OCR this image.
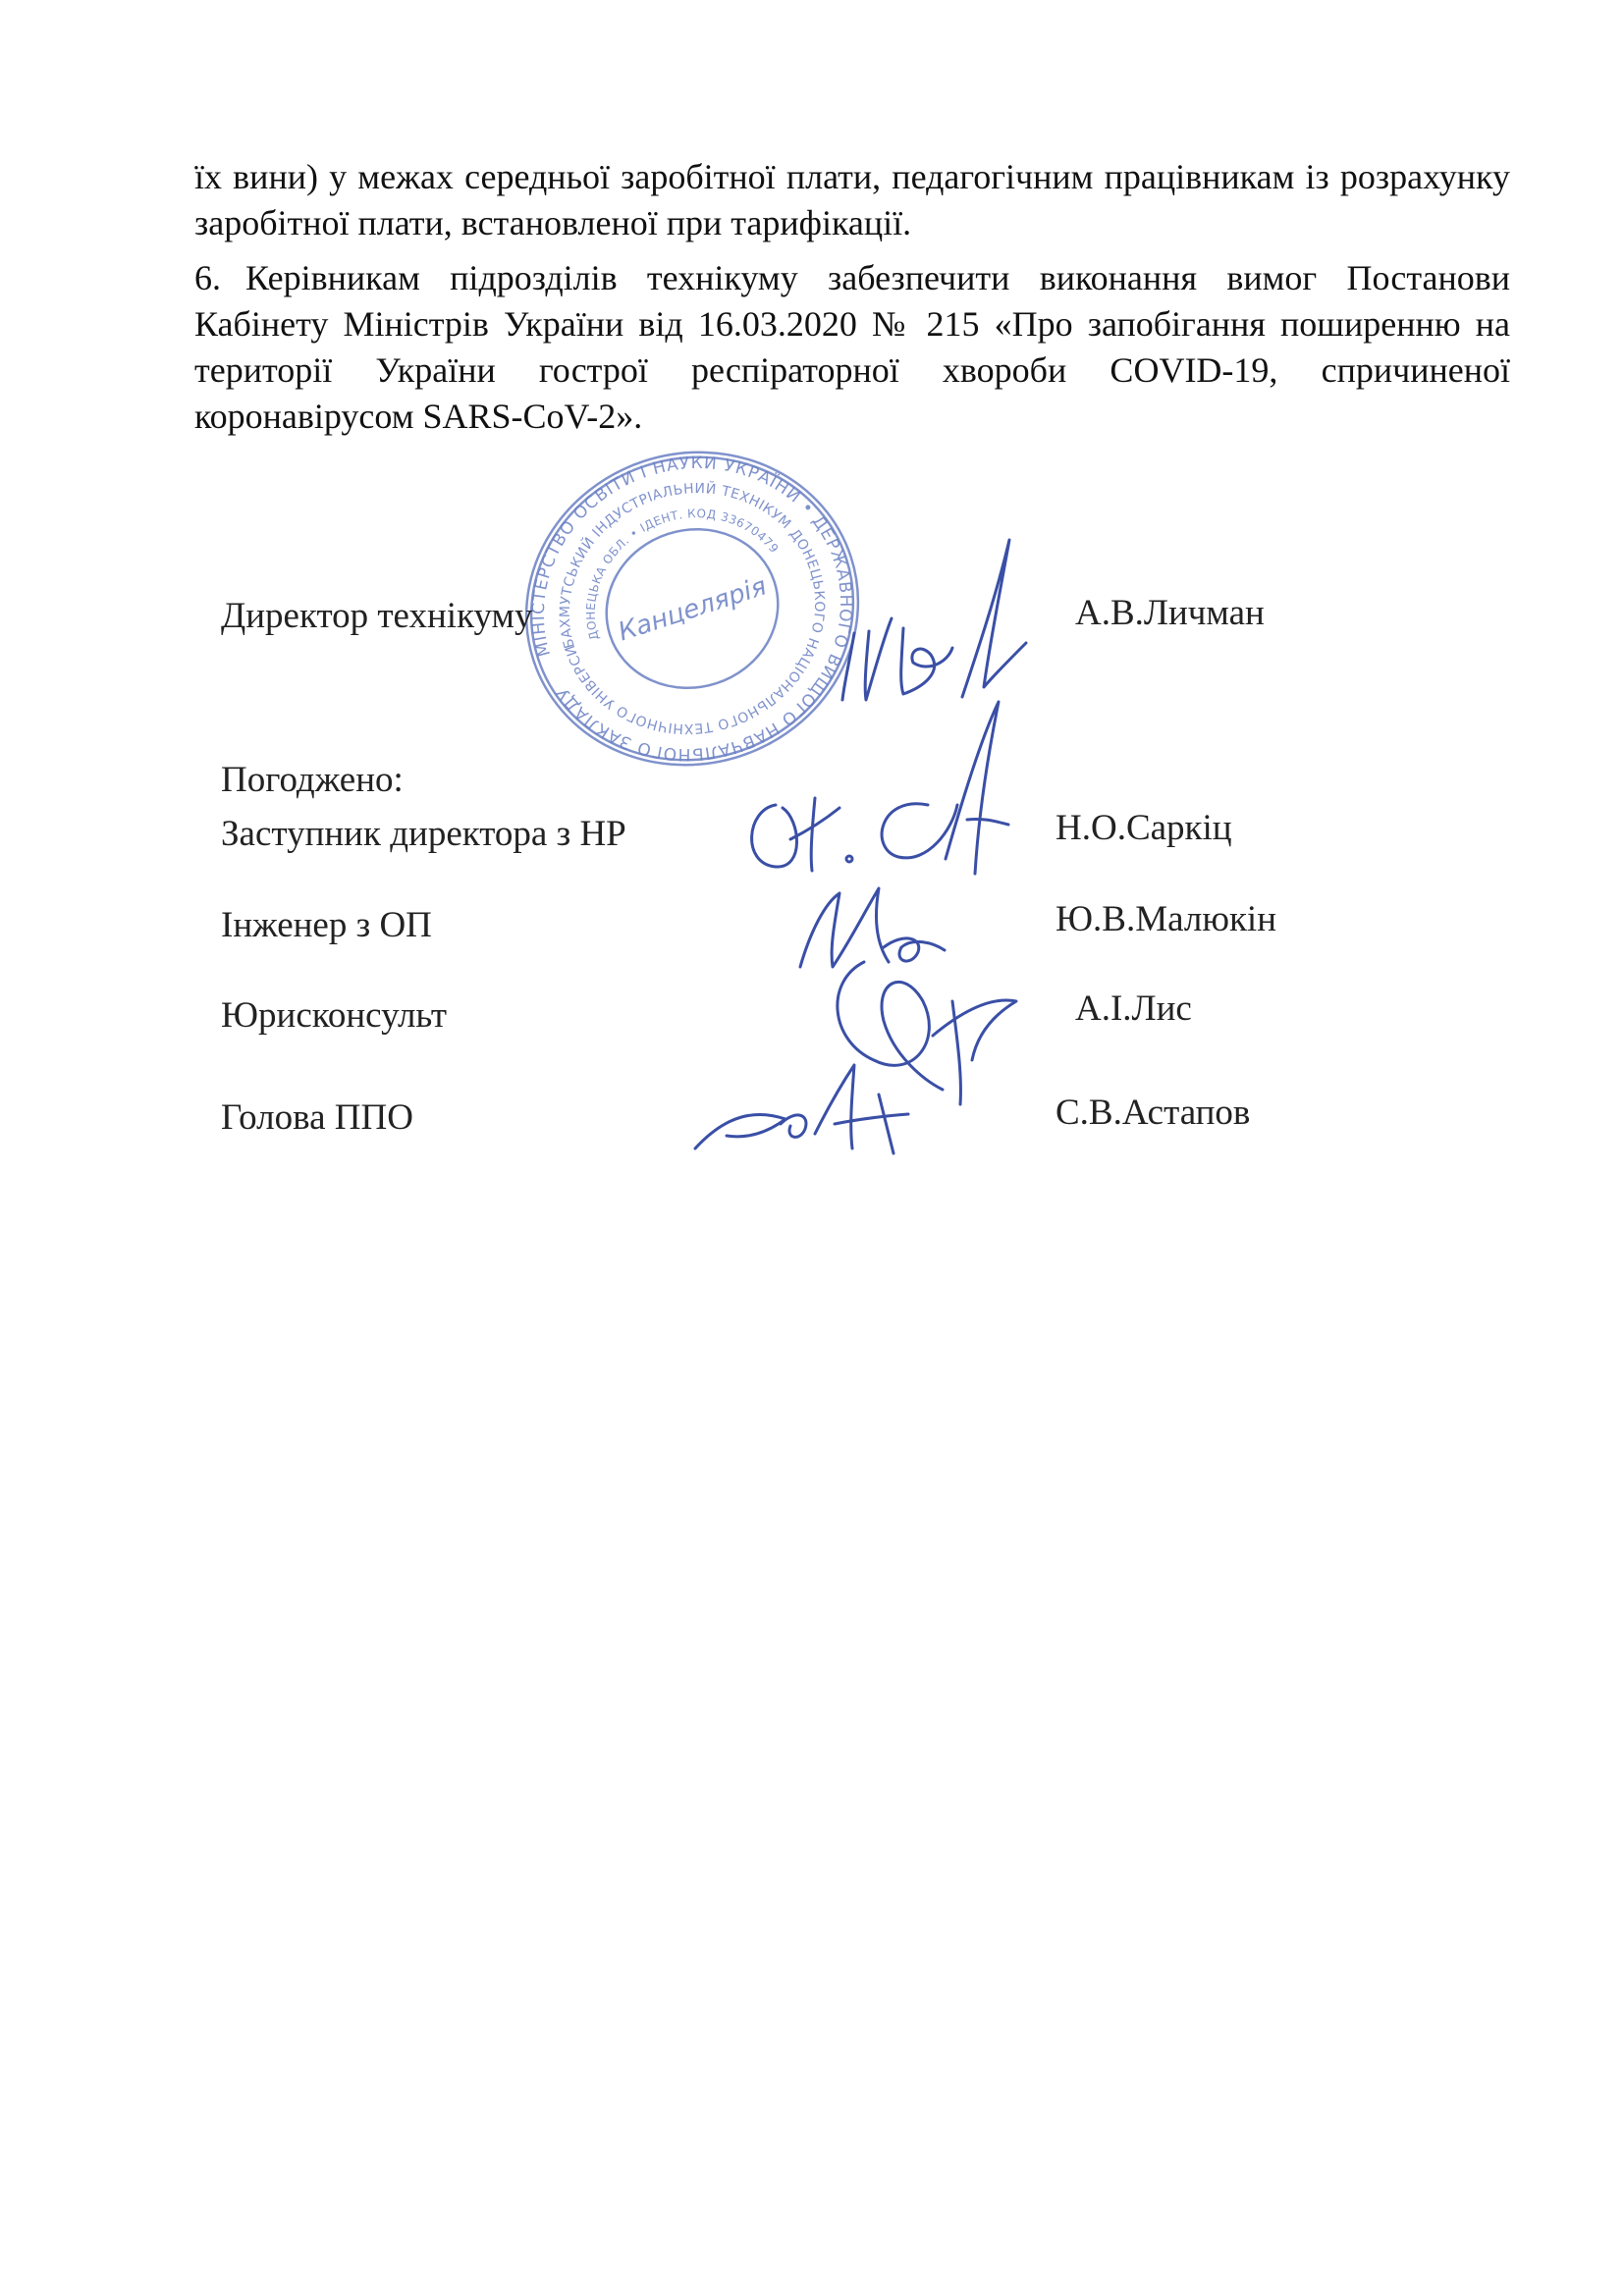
їх вини) у межах середньої заробітної плати, педагогічним працівникам із розрахунку заробітної плати, встановленої при тарифікації.

6. Керівникам підрозділів технікуму забезпечити виконання вимог Постанови Кабінету Міністрів України від 16.03.2020 № 215 «Про запобігання поширенню на території України гострої респіраторної хвороби COVID-19, спричиненої коронавірусом SARS-CoV-2».

МІНІСТЕРСТВО ОСВІТИ І НАУКИ УКРАЇНИ • ДЕРЖАВНОГО ВИЩОГО НАВЧАЛЬНОГО ЗАКЛАДУ
БАХМУТСЬКИЙ ІНДУСТРІАЛЬНИЙ ТЕХНІКУМ ДОНЕЦЬКОГО НАЦІОНАЛЬНОГО ТЕХНІЧНОГО УНІВЕРСИТЕТУ
ДОНЕЦЬКА ОБЛ. • ІДЕНТ. КОД 33670479
Канцелярія
Директор технікуму	А.В.Личман
Погоджено:
Заступник директора з НР	Н.О.Саркіц
Інженер з ОП	Ю.В.Малюкін
Юрисконсульт	А.І.Лис
Голова ППО	С.В.Астапов
